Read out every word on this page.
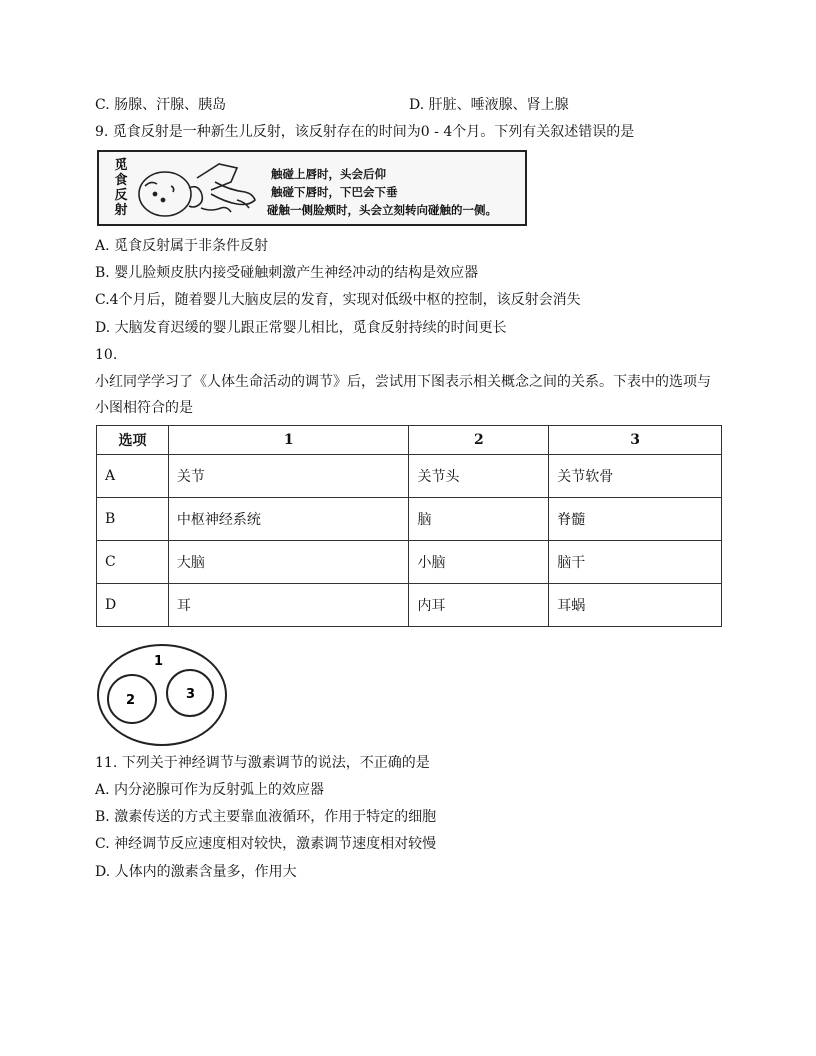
C. 肠腺、汗腺、胰岛	D. 肝脏、唾液腺、肾上腺
9. 觅食反射是一种新生儿反射，该反射存在的时间为0 - 4个月。下列有关叙述错误的是
觅
食
反
射
触碰上唇时，头会后仰
触碰下唇时，下巴会下垂
碰触一侧脸颊时，头会立刻转向碰触的一侧。
A. 觅食反射属于非条件反射
B. 婴儿脸颊皮肤内接受碰触刺激产生神经冲动的结构是效应器
C.4个月后，随着婴儿大脑皮层的发育，实现对低级中枢的控制，该反射会消失
D. 大脑发育迟缓的婴儿跟正常婴儿相比，觅食反射持续的时间更长
10.
小红同学学习了《人体生命活动的调节》后，尝试用下图表示相关概念之间的关系。下表中的选项与
小图相符合的是
选项	1	2	3
A	关节	关节头	关节软骨
B	中枢神经系统	脑	脊髓
C	大脑	小脑	脑干
D	耳	内耳	耳蜗
1
2	3
11. 下列关于神经调节与激素调节的说法，不正确的是
A. 内分泌腺可作为反射弧上的效应器
B. 激素传送的方式主要靠血液循环，作用于特定的细胞
C. 神经调节反应速度相对较快，激素调节速度相对较慢
D. 人体内的激素含量多，作用大
